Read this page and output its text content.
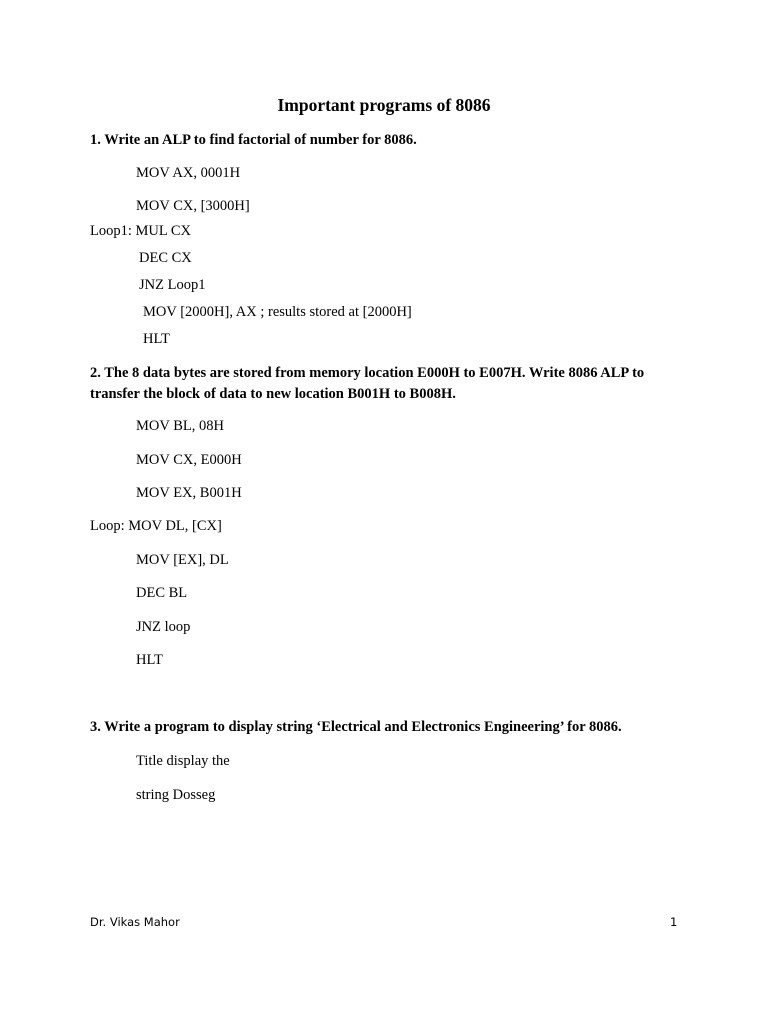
Important programs of 8086
1. Write an ALP to find factorial of number for 8086.
MOV AX, 0001H
MOV CX, [3000H]
Loop1: MUL CX
DEC CX
JNZ Loop1
MOV [2000H], AX ; results stored at [2000H]
HLT
2. The 8 data bytes are stored from memory location E000H to E007H. Write 8086 ALP to
transfer the block of data to new location B001H to B008H.
MOV BL, 08H
MOV CX, E000H
MOV EX, B001H
Loop: MOV DL, [CX]
MOV [EX], DL
DEC BL
JNZ loop
HLT
3. Write a program to display string ‘Electrical and Electronics Engineering’ for 8086.
Title display the
string Dosseg
Dr. Vikas Mahor	1
